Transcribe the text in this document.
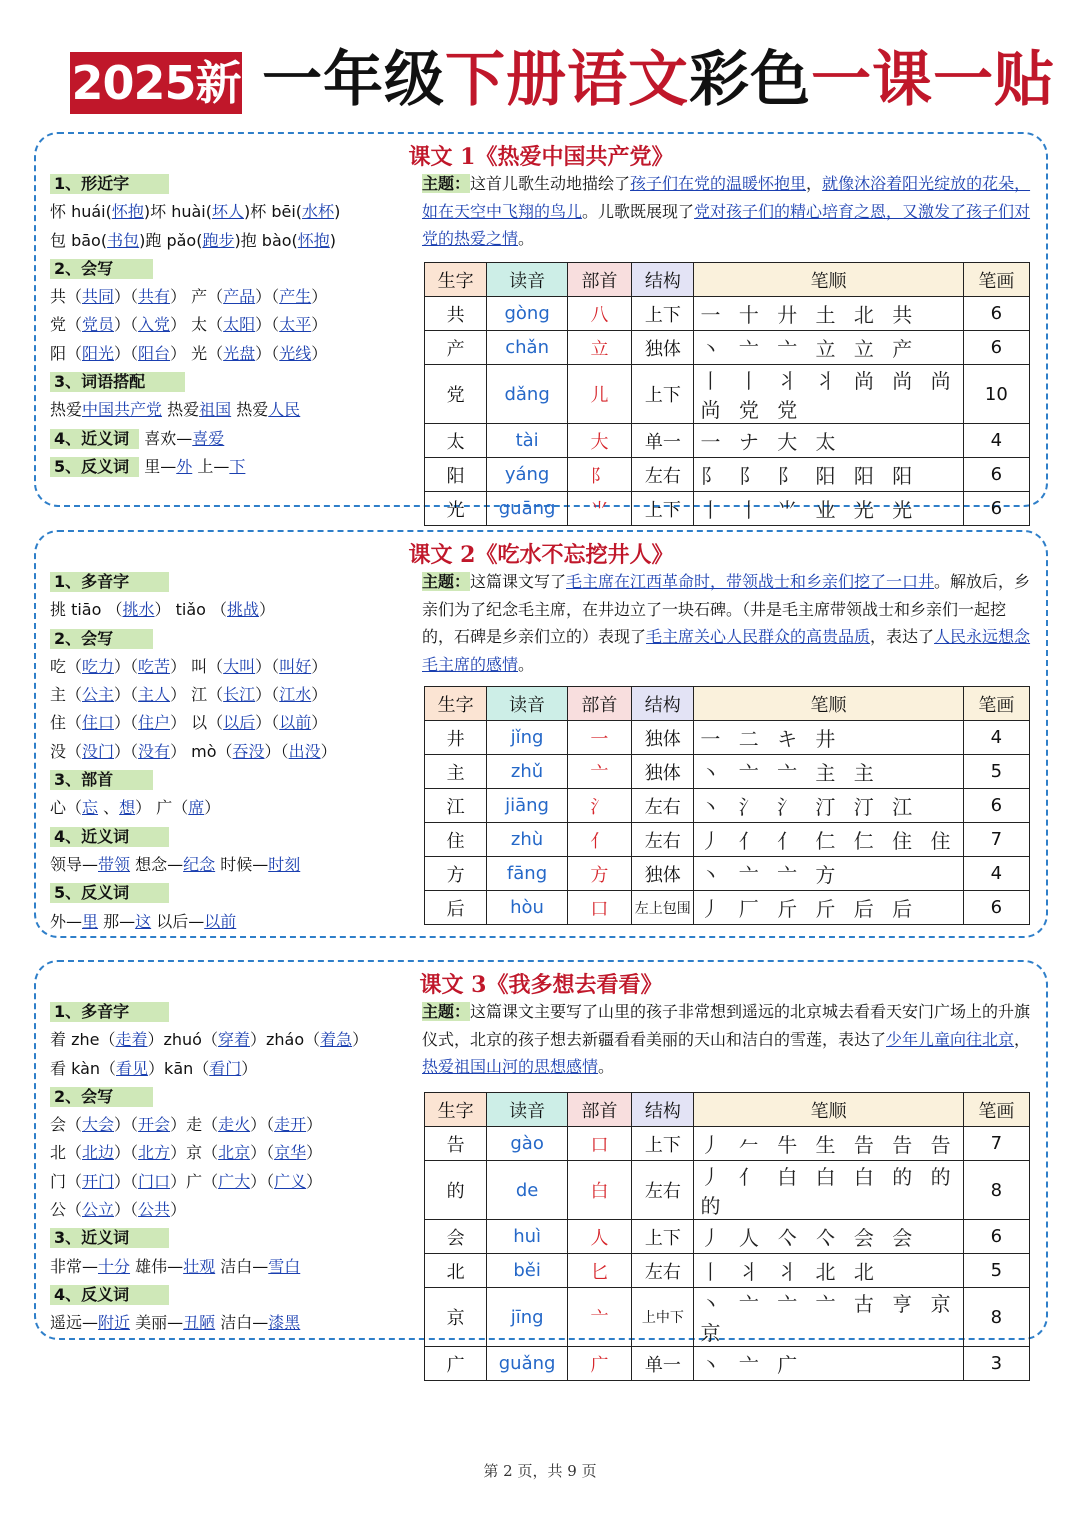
2025新 一年级下册语文彩色一课一贴
课文 1《热爱中国共产党》
1、形近字
怀 huái(怀抱)坏 huài(坏人)杯 bēi(水杯)
包 bāo(书包)跑 pǎo(跑步)抱 bào(怀抱)
2、会写
共（共同）（共有） 产（产品）（产生）
党（党员）（入党） 太（太阳）（太平）
阳（阳光）（阳台） 光（光盘）（光线）
3、词语搭配
热爱中国共产党 热爱祖国 热爱人民
4、近义词 喜欢—喜爱
5、反义词 里—外 上—下
主题：这首儿歌生动地描绘了孩子们在党的温暖怀抱里，就像沐浴着阳光绽放的花朵，如在天空中飞翔的鸟儿。儿歌既展现了党对孩子们的精心培育之恩，又激发了孩子们对党的热爱之情。
生字	读音	部首	结构	笔顺	笔画
共	gòng	八	上下	一 十 廾 土 北 共	6
产	chǎn	立	独体	丶 亠 亠 立 立 产	6
党	dǎng	儿	上下	丨 丨 丬 丬 尚 尚 尚 尚 党 党	10
太	tài	大	单一	一 ナ 大 太	4
阳	yáng	阝	左右	阝 阝 阝 阳 阳 阳	6
光	guāng	⺌	上下	丨 丨 ⺌ 业 光 光	6
课文 2《吃水不忘挖井人》
1、多音字
挑 tiāo （挑水） tiǎo （挑战）
2、会写
吃（吃力）（吃苦） 叫（大叫）（叫好）
主（公主）（主人） 江（长江）（江水）
住（住口）（住户） 以（以后）（以前）
没（没门）（没有） mò（吞没）（出没）
3、部首
心（忘 、想） 广（席）
4、近义词
领导—带领 想念—纪念 时候—时刻
5、反义词
外—里 那—这 以后—以前
主题：这篇课文写了毛主席在江西革命时，带领战士和乡亲们挖了一口井。解放后，乡亲们为了纪念毛主席，在井边立了一块石碑。（井是毛主席带领战士和乡亲们一起挖的，石碑是乡亲们立的）表现了毛主席关心人民群众的高贵品质，表达了人民永远想念毛主席的感情。
生字	读音	部首	结构	笔顺	笔画
井	jǐng	一	独体	一 二 キ 井	4
主	zhǔ	亠	独体	丶 亠 亠 主 主	5
江	jiāng	氵	左右	丶 氵 氵 汀 汀 江	6
住	zhù	亻	左右	丿 亻 亻 仁 仁 住 住	7
方	fāng	方	独体	丶 亠 亠 方	4
后	hòu	口	左上包围	丿 厂 斤 斤 后 后	6
课文 3《我多想去看看》
1、多音字
着 zhe（走着）zhuó（穿着）zháo（着急）
看 kàn（看见）kān（看门）
2、会写
会（大会）（开会）走（走火）（走开）
北（北边）（北方）京（北京）（京华）
门（开门）（门口）广（广大）（广义）
公（公立）（公共）
3、近义词
非常—十分 雄伟—壮观 洁白—雪白
4、反义词
遥远—附近 美丽—丑陋 洁白—漆黑
主题：这篇课文主要写了山里的孩子非常想到遥远的北京城去看看天安门广场上的升旗仪式，北京的孩子想去新疆看看美丽的天山和洁白的雪莲，表达了少年儿童向往北京，热爱祖国山河的思想感情。
生字	读音	部首	结构	笔顺	笔画
告	gào	口	上下	丿 𠂉 牛 生 告 告 告	7
的	de	白	左右	丿 亻 白 白 白 的 的 的	8
会	huì	人	上下	丿 人 亽 亽 会 会	6
北	běi	匕	左右	丨 丬 丬 北 北	5
京	jīng	亠	上中下	丶 亠 亠 亠 古 亨 京 京	8
广	guǎng	广	单一	丶 亠 广	3
第 2 页，共 9 页
